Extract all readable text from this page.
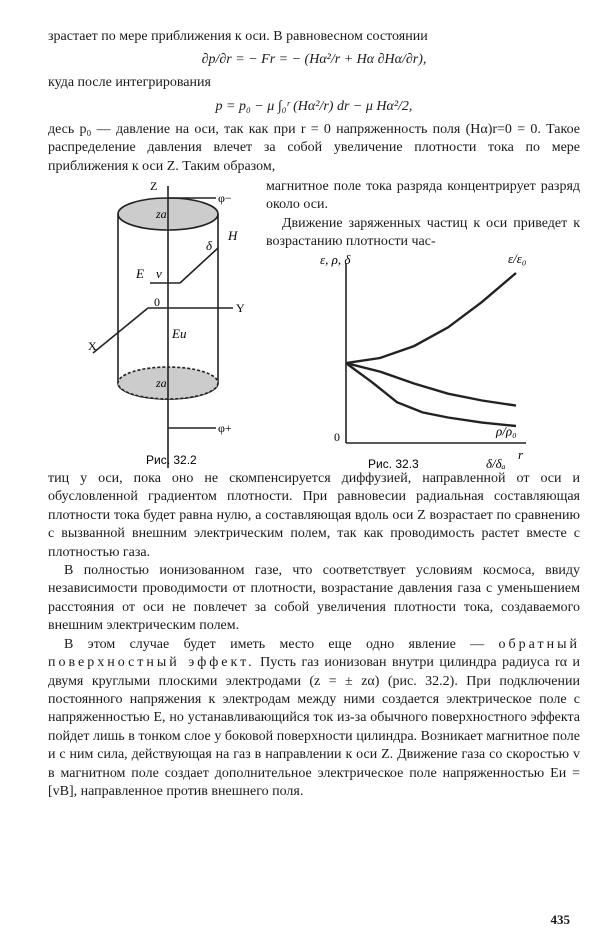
зрастает по мере приближения к оси. В равновесном состоянии

∂p/∂r = − Fr = − (Hα²/r + Hα ∂Hα/∂r),

куда после интегрирования

p = p₀ − μ ∫₀ʳ (Hα²/r) dr − μ Hα²/2,

десь p₀ — давление на оси, так как при r = 0 напряженность поля (Hα)r=0 = 0. Такое распределение давления влечет за собой увеличение плотности тока по мере приближения к оси Z. Таким образом,

Z
za
za
φ−
φ+
E v
δ
H
0	Y
X
Eu
Рис. 32.2

магнитное поле тока разряда концентрирует разряд около оси.

Движение заряженных частиц к оси приведет к возрастанию плотности час-

ε, ρ, δ
r
0
ε/ε₀
ρ/ρ₀
δ/δₐ
Рис. 32.3

тиц у оси, пока оно не скомпенсируется диффузией, направленной от оси и обусловленной градиентом плотности. При равновесии радиальная составляющая плотности тока будет равна нулю, а составляющая вдоль оси Z возрастает по сравнению с вызванной внешним электрическим полем, так как проводимость растет вместе с плотностью газа.

В полностью ионизованном газе, что соответствует условиям космоса, ввиду независимости проводимости от плотности, возрастание давления газа с уменьшением расстояния от оси не повлечет за собой увеличения плотности тока, создаваемого внешним электрическим полем.

В этом случае будет иметь место еще одно явление — обратный поверхностный эффект. Пусть газ ионизован внутри цилиндра радиуса rα и двумя круглыми плоскими электродами (z = ± zα) (рис. 32.2). При подключении постоянного напряжения к электродам между ними создается электрическое поле с напряженностью E, но устанавливающийся ток из-за обычного поверхностного эффекта пойдет лишь в тонком слое у боковой поверхности цилиндра. Возникает магнитное поле и с ним сила, действующая на газ в направлении к оси Z. Движение газа со скоростью v в магнитном поле создает дополнительное электрическое поле напряженностью Eи = [vB], направленное против внешнего поля.

435
